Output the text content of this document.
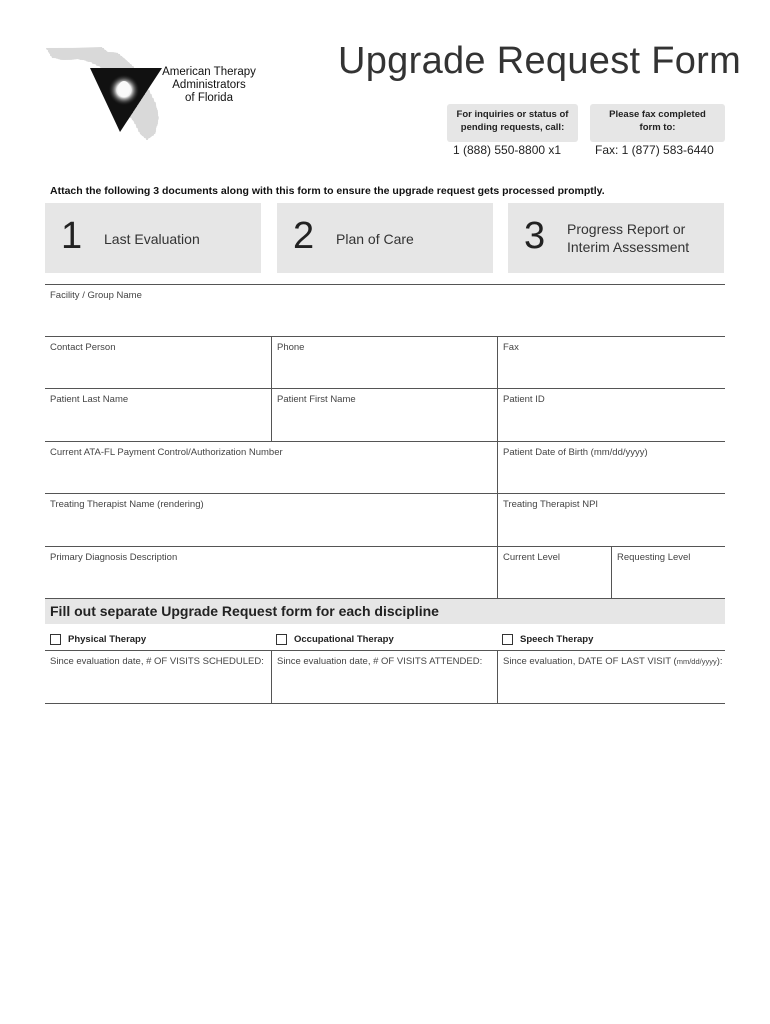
American Therapy
Administrators
of Florida
Upgrade Request Form
For inquiries or status of
pending requests, call:
1 (888) 550-8800 x1
Please fax completed
form to:
Fax: 1 (877) 583-6440
Attach the following 3 documents along with this form to ensure the upgrade request gets processed promptly.
1 Last Evaluation 2 Plan of Care	3 Progress Report or
Interim Assessment
Facility / Group Name
Contact Person	Phone	Fax
Patient Last Name	Patient First Name	Patient ID
Current ATA-FL Payment Control/Authorization Number	Patient Date of Birth (mm/dd/yyyy)
Treating Therapist Name (rendering)	Treating Therapist NPI
Primary Diagnosis Description	Current Level	Requesting Level
Fill out separate Upgrade Request form for each discipline
Physical Therapy	Occupational Therapy	Speech Therapy
Since evaluation date, # OF VISITS SCHEDULED: Since evaluation date, # OF VISITS ATTENDED: Since evaluation, DATE OF LAST VISIT (mm/dd/yyyy):
